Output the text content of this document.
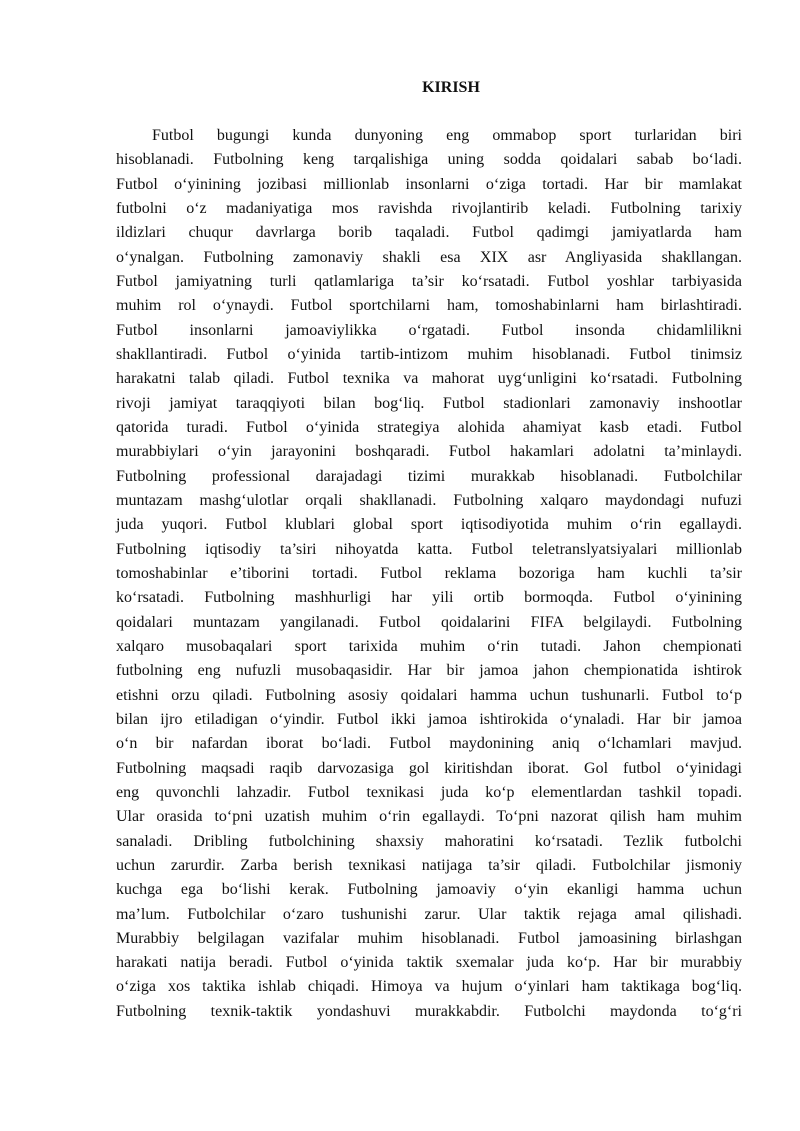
KIRISH
Futbol bugungi kunda dunyoning eng ommabop sport turlaridan biri
hisoblanadi. Futbolning keng tarqalishiga uning sodda qoidalari sabab bo‘ladi.
Futbol o‘yinining jozibasi millionlab insonlarni o‘ziga tortadi. Har bir mamlakat
futbolni o‘z madaniyatiga mos ravishda rivojlantirib keladi. Futbolning tarixiy
ildizlari chuqur davrlarga borib taqaladi. Futbol qadimgi jamiyatlarda ham
o‘ynalgan. Futbolning zamonaviy shakli esa XIX asr Angliyasida shakllangan.
Futbol jamiyatning turli qatlamlariga ta’sir ko‘rsatadi. Futbol yoshlar tarbiyasida
muhim rol o‘ynaydi. Futbol sportchilarni ham, tomoshabinlarni ham birlashtiradi.
Futbol insonlarni jamoaviylikka o‘rgatadi. Futbol insonda chidamlilikni
shakllantiradi. Futbol o‘yinida tartib-intizom muhim hisoblanadi. Futbol tinimsiz
harakatni talab qiladi. Futbol texnika va mahorat uyg‘unligini ko‘rsatadi. Futbolning
rivoji jamiyat taraqqiyoti bilan bog‘liq. Futbol stadionlari zamonaviy inshootlar
qatorida turadi. Futbol o‘yinida strategiya alohida ahamiyat kasb etadi. Futbol
murabbiylari o‘yin jarayonini boshqaradi. Futbol hakamlari adolatni ta’minlaydi.
Futbolning professional darajadagi tizimi murakkab hisoblanadi. Futbolchilar
muntazam mashg‘ulotlar orqali shakllanadi. Futbolning xalqaro maydondagi nufuzi
juda yuqori. Futbol klublari global sport iqtisodiyotida muhim o‘rin egallaydi.
Futbolning iqtisodiy ta’siri nihoyatda katta. Futbol teletranslyatsiyalari millionlab
tomoshabinlar e’tiborini tortadi. Futbol reklama bozoriga ham kuchli ta’sir
ko‘rsatadi. Futbolning mashhurligi har yili ortib bormoqda. Futbol o‘yinining
qoidalari muntazam yangilanadi. Futbol qoidalarini FIFA belgilaydi. Futbolning
xalqaro musobaqalari sport tarixida muhim o‘rin tutadi. Jahon chempionati
futbolning eng nufuzli musobaqasidir. Har bir jamoa jahon chempionatida ishtirok
etishni orzu qiladi. Futbolning asosiy qoidalari hamma uchun tushunarli. Futbol to‘p
bilan ijro etiladigan o‘yindir. Futbol ikki jamoa ishtirokida o‘ynaladi. Har bir jamoa
o‘n bir nafardan iborat bo‘ladi. Futbol maydonining aniq o‘lchamlari mavjud.
Futbolning maqsadi raqib darvozasiga gol kiritishdan iborat. Gol futbol o‘yinidagi
eng quvonchli lahzadir. Futbol texnikasi juda ko‘p elementlardan tashkil topadi.
Ular orasida to‘pni uzatish muhim o‘rin egallaydi. To‘pni nazorat qilish ham muhim
sanaladi. Dribling futbolchining shaxsiy mahoratini ko‘rsatadi. Tezlik futbolchi
uchun zarurdir. Zarba berish texnikasi natijaga ta’sir qiladi. Futbolchilar jismoniy
kuchga ega bo‘lishi kerak. Futbolning jamoaviy o‘yin ekanligi hamma uchun
ma’lum. Futbolchilar o‘zaro tushunishi zarur. Ular taktik rejaga amal qilishadi.
Murabbiy belgilagan vazifalar muhim hisoblanadi. Futbol jamoasining birlashgan
harakati natija beradi. Futbol o‘yinida taktik sxemalar juda ko‘p. Har bir murabbiy
o‘ziga xos taktika ishlab chiqadi. Himoya va hujum o‘yinlari ham taktikaga bog‘liq.
Futbolning texnik-taktik yondashuvi murakkabdir. Futbolchi maydonda to‘g‘ri
